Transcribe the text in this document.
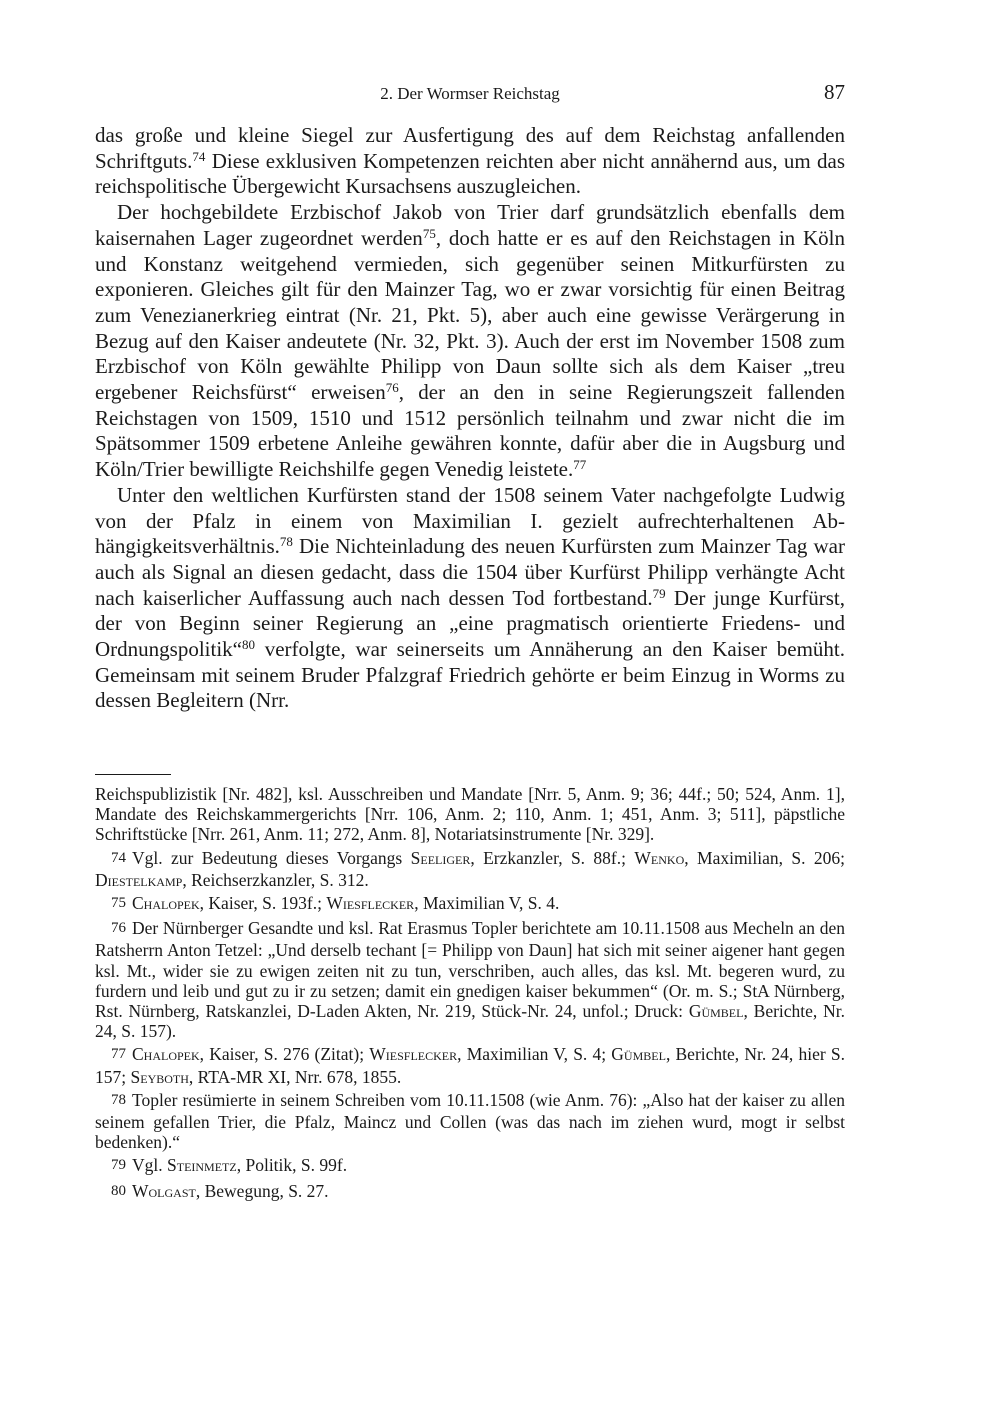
2. Der Wormser Reichstag	87

das große und kleine Siegel zur Ausfertigung des auf dem Reichstag anfallenden Schriftguts.$^{74}$ Diese exklusiven Kompetenzen reichten aber nicht annähernd aus, um das reichspolitische Übergewicht Kursachsens auszugleichen.

Der hochgebildete Erzbischof Jakob von Trier darf grundsätzlich ebenfalls dem kaisernahen Lager zugeordnet werden$^{75}$, doch hatte er es auf den Reichstagen in Köln und Konstanz weitgehend vermieden, sich gegenüber seinen Mitkurfürsten zu exponieren. Gleiches gilt für den Mainzer Tag, wo er zwar vorsichtig für einen Beitrag zum Venezianerkrieg eintrat (Nr. 21, Pkt. 5), aber auch eine gewisse Verärgerung in Bezug auf den Kaiser andeutete (Nr. 32, Pkt. 3). Auch der erst im November 1508 zum Erzbischof von Köln gewählte Philipp von Daun sollte sich als dem Kaiser „treu ergebener Reichsfürst“ erweisen$^{76}$, der an den in seine Regierungszeit fallenden Reichstagen von 1509, 1510 und 1512 persönlich teilnahm und zwar nicht die im Spätsommer 1509 erbetene Anleihe gewähren konnte, dafür aber die in Augsburg und Köln/Trier bewilligte Reichshilfe gegen Venedig leistete.$^{77}$

Unter den weltlichen Kurfürsten stand der 1508 seinem Vater nachgefolgte Ludwig von der Pfalz in einem von Maximilian I. gezielt aufrechterhaltenen Abhängigkeitsverhältnis.$^{78}$ Die Nichteinladung des neuen Kurfürsten zum Mainzer Tag war auch als Signal an diesen gedacht, dass die 1504 über Kurfürst Philipp verhängte Acht nach kaiserlicher Auffassung auch nach dessen Tod fortbestand.$^{79}$ Der junge Kurfürst, der von Beginn seiner Regierung an „eine pragmatisch orientierte Friedens- und Ordnungspolitik“$^{80}$ verfolgte, war seinerseits um Annäherung an den Kaiser bemüht. Gemeinsam mit seinem Bruder Pfalzgraf Friedrich gehörte er beim Einzug in Worms zu dessen Begleitern (Nrr.

Reichspublizistik [Nr. 482], ksl. Ausschreiben und Mandate [Nrr. 5, Anm. 9; 36; 44f.; 50; 524, Anm. 1], Mandate des Reichskammergerichts [Nrr. 106, Anm. 2; 110, Anm. 1; 451, Anm. 3; 511], päpstliche Schriftstücke [Nrr. 261, Anm. 11; 272, Anm. 8], Notariatsinstrumente [Nr. 329].

74 Vgl. zur Bedeutung dieses Vorgangs Seeliger, Erzkanzler, S. 88f.; Wenko, Maximilian, S. 206; Diestelkamp, Reichserzkanzler, S. 312.

75 Chalopek, Kaiser, S. 193f.; Wiesflecker, Maximilian V, S. 4.

76 Der Nürnberger Gesandte und ksl. Rat Erasmus Topler berichtete am 10.11.1508 aus Mecheln an den Ratsherrn Anton Tetzel: „Und derselb techant [= Philipp von Daun] hat sich mit seiner aigener hant gegen ksl. Mt., wider sie zu ewigen zeiten nit zu tun, verschriben, auch alles, das ksl. Mt. begeren wurd, zu furdern und leib und gut zu ir zu setzen; damit ein gnedigen kaiser bekummen“ (Or. m. S.; StA Nürnberg, Rst. Nürnberg, Ratskanzlei, D-Laden Akten, Nr. 219, Stück-Nr. 24, unfol.; Druck: Gümbel, Berichte, Nr. 24, S. 157).

77 Chalopek, Kaiser, S. 276 (Zitat); Wiesflecker, Maximilian V, S. 4; Gümbel, Berichte, Nr. 24, hier S. 157; Seyboth, RTA-MR XI, Nrr. 678, 1855.

78 Topler resümierte in seinem Schreiben vom 10.11.1508 (wie Anm. 76): „Also hat der kaiser zu allen seinem gefallen Trier, die Pfalz, Maincz und Collen (was das nach im ziehen wurd, mogt ir selbst bedenken).“

79 Vgl. Steinmetz, Politik, S. 99f.

80 Wolgast, Bewegung, S. 27.
